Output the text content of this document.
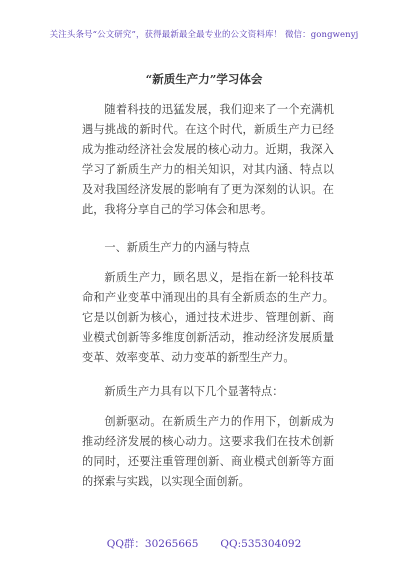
关注头条号“公文研究”，获得最新最全最专业的公文资料库！ 微信：gongwenyj
“新质生产力”学习体会

随着科技的迅猛发展，我们迎来了一个充满机遇与挑战的新时代。在这个时代，新质生产力已经成为推动经济社会发展的核心动力。近期，我深入学习了新质生产力的相关知识，对其内涵、特点以及对我国经济发展的影响有了更为深刻的认识。在此，我将分享自己的学习体会和思考。

一、新质生产力的内涵与特点

新质生产力，顾名思义，是指在新一轮科技革命和产业变革中涌现出的具有全新质态的生产力。它是以创新为核心，通过技术进步、管理创新、商业模式创新等多维度创新活动，推动经济发展质量变革、效率变革、动力变革的新型生产力。

新质生产力具有以下几个显著特点：

创新驱动。在新质生产力的作用下，创新成为推动经济发展的核心动力。这要求我们在技术创新的同时，还要注重管理创新、商业模式创新等方面的探索与实践，以实现全面创新。

QQ群：30265665 QQ:535304092
